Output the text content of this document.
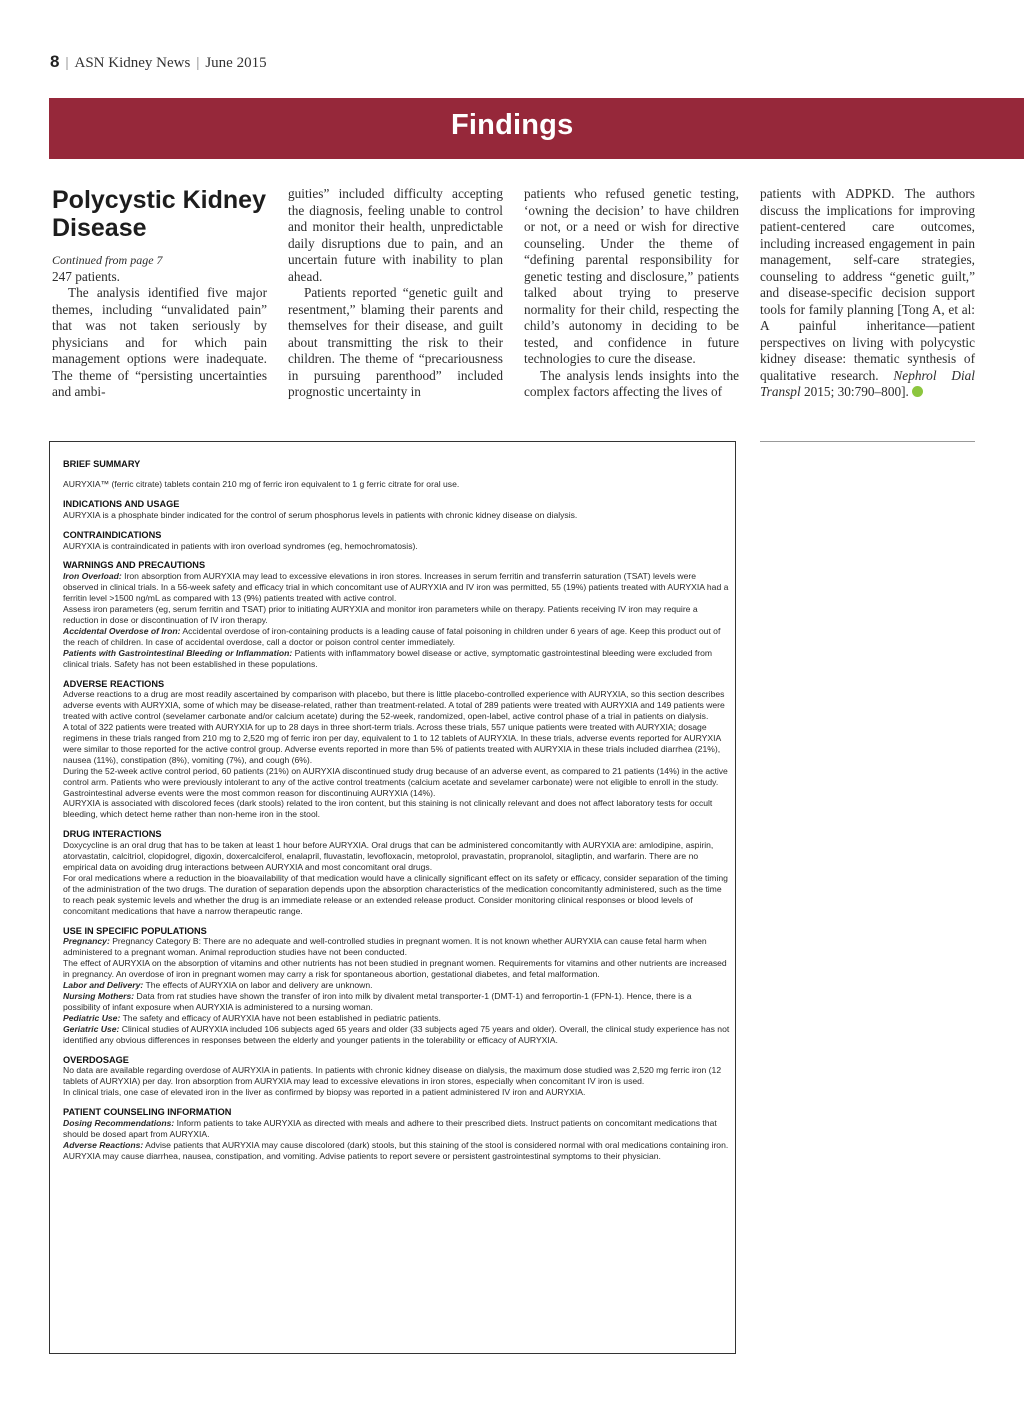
8 | ASN Kidney News | June 2015
Findings
Polycystic Kidney Disease

Continued from page 7

247 patients.

The analysis identified five major themes, including “unvalidated pain” that was not taken seriously by physicians and for which pain management options were inadequate. The theme of “persisting uncertainties and ambi-

guities” included difficulty accepting the diagnosis, feeling unable to control and monitor their health, unpredictable daily disruptions due to pain, and an uncertain future with inability to plan ahead.

Patients reported “genetic guilt and resentment,” blaming their parents and themselves for their disease, and guilt about transmitting the risk to their children. The theme of “precariousness in pursuing parenthood” included prognostic uncertainty in

patients who refused genetic testing, ‘owning the decision’ to have children or not, or a need or wish for directive counseling. Under the theme of “defining parental responsibility for genetic testing and disclosure,” patients talked about trying to preserve normality for their child, respecting the child’s autonomy in deciding to be tested, and confidence in future technologies to cure the disease.

The analysis lends insights into the complex factors affecting the lives of

patients with ADPKD. The authors discuss the implications for improving patient-centered care outcomes, including increased engagement in pain management, self-care strategies, counseling to address “genetic guilt,” and disease-specific decision support tools for family planning [Tong A, et al: A painful inheritance—patient perspectives on living with polycystic kidney disease: thematic synthesis of qualitative research. Nephrol Dial Transpl 2015; 30:790–800].

BRIEF SUMMARY

AURYXIA™ (ferric citrate) tablets contain 210 mg of ferric iron equivalent to 1 g ferric citrate for oral use.

INDICATIONS AND USAGE

AURYXIA is a phosphate binder indicated for the control of serum phosphorus levels in patients with chronic kidney disease on dialysis.

CONTRAINDICATIONS

AURYXIA is contraindicated in patients with iron overload syndromes (eg, hemochromatosis).

WARNINGS AND PRECAUTIONS

Iron Overload: Iron absorption from AURYXIA may lead to excessive elevations in iron stores. Increases in serum ferritin and transferrin saturation (TSAT) levels were observed in clinical trials. In a 56-week safety and efficacy trial in which concomitant use of AURYXIA and IV iron was permitted, 55 (19%) patients treated with AURYXIA had a ferritin level >1500 ng/mL as compared with 13 (9%) patients treated with active control.

Assess iron parameters (eg, serum ferritin and TSAT) prior to initiating AURYXIA and monitor iron parameters while on therapy. Patients receiving IV iron may require a reduction in dose or discontinuation of IV iron therapy.

Accidental Overdose of Iron: Accidental overdose of iron-containing products is a leading cause of fatal poisoning in children under 6 years of age. Keep this product out of the reach of children. In case of accidental overdose, call a doctor or poison control center immediately.

Patients with Gastrointestinal Bleeding or Inflammation: Patients with inflammatory bowel disease or active, symptomatic gastrointestinal bleeding were excluded from clinical trials. Safety has not been established in these populations.

ADVERSE REACTIONS

Adverse reactions to a drug are most readily ascertained by comparison with placebo, but there is little placebo-controlled experience with AURYXIA, so this section describes adverse events with AURYXIA, some of which may be disease-related, rather than treatment-related. A total of 289 patients were treated with AURYXIA and 149 patients were treated with active control (sevelamer carbonate and/or calcium acetate) during the 52-week, randomized, open-label, active control phase of a trial in patients on dialysis.

A total of 322 patients were treated with AURYXIA for up to 28 days in three short-term trials. Across these trials, 557 unique patients were treated with AURYXIA; dosage regimens in these trials ranged from 210 mg to 2,520 mg of ferric iron per day, equivalent to 1 to 12 tablets of AURYXIA. In these trials, adverse events reported for AURYXIA were similar to those reported for the active control group. Adverse events reported in more than 5% of patients treated with AURYXIA in these trials included diarrhea (21%), nausea (11%), constipation (8%), vomiting (7%), and cough (6%).

During the 52-week active control period, 60 patients (21%) on AURYXIA discontinued study drug because of an adverse event, as compared to 21 patients (14%) in the active control arm. Patients who were previously intolerant to any of the active control treatments (calcium acetate and sevelamer carbonate) were not eligible to enroll in the study. Gastrointestinal adverse events were the most common reason for discontinuing AURYXIA (14%).

AURYXIA is associated with discolored feces (dark stools) related to the iron content, but this staining is not clinically relevant and does not affect laboratory tests for occult bleeding, which detect heme rather than non-heme iron in the stool.

DRUG INTERACTIONS

Doxycycline is an oral drug that has to be taken at least 1 hour before AURYXIA. Oral drugs that can be administered concomitantly with AURYXIA are: amlodipine, aspirin, atorvastatin, calcitriol, clopidogrel, digoxin, doxercalciferol, enalapril, fluvastatin, levofloxacin, metoprolol, pravastatin, propranolol, sitagliptin, and warfarin. There are no empirical data on avoiding drug interactions between AURYXIA and most concomitant oral drugs.

For oral medications where a reduction in the bioavailability of that medication would have a clinically significant effect on its safety or efficacy, consider separation of the timing of the administration of the two drugs. The duration of separation depends upon the absorption characteristics of the medication concomitantly administered, such as the time to reach peak systemic levels and whether the drug is an immediate release or an extended release product. Consider monitoring clinical responses or blood levels of concomitant medications that have a narrow therapeutic range.

USE IN SPECIFIC POPULATIONS

Pregnancy: Pregnancy Category B: There are no adequate and well-controlled studies in pregnant women. It is not known whether AURYXIA can cause fetal harm when administered to a pregnant woman. Animal reproduction studies have not been conducted.

The effect of AURYXIA on the absorption of vitamins and other nutrients has not been studied in pregnant women. Requirements for vitamins and other nutrients are increased in pregnancy. An overdose of iron in pregnant women may carry a risk for spontaneous abortion, gestational diabetes, and fetal malformation.

Labor and Delivery: The effects of AURYXIA on labor and delivery are unknown.

Nursing Mothers: Data from rat studies have shown the transfer of iron into milk by divalent metal transporter-1 (DMT-1) and ferroportin-1 (FPN-1). Hence, there is a possibility of infant exposure when AURYXIA is administered to a nursing woman.

Pediatric Use: The safety and efficacy of AURYXIA have not been established in pediatric patients.

Geriatric Use: Clinical studies of AURYXIA included 106 subjects aged 65 years and older (33 subjects aged 75 years and older). Overall, the clinical study experience has not identified any obvious differences in responses between the elderly and younger patients in the tolerability or efficacy of AURYXIA.

OVERDOSAGE

No data are available regarding overdose of AURYXIA in patients. In patients with chronic kidney disease on dialysis, the maximum dose studied was 2,520 mg ferric iron (12 tablets of AURYXIA) per day. Iron absorption from AURYXIA may lead to excessive elevations in iron stores, especially when concomitant IV iron is used.

In clinical trials, one case of elevated iron in the liver as confirmed by biopsy was reported in a patient administered IV iron and AURYXIA.

PATIENT COUNSELING INFORMATION

Dosing Recommendations: Inform patients to take AURYXIA as directed with meals and adhere to their prescribed diets. Instruct patients on concomitant medications that should be dosed apart from AURYXIA.

Adverse Reactions: Advise patients that AURYXIA may cause discolored (dark) stools, but this staining of the stool is considered normal with oral medications containing iron.

AURYXIA may cause diarrhea, nausea, constipation, and vomiting. Advise patients to report severe or persistent gastrointestinal symptoms to their physician.
